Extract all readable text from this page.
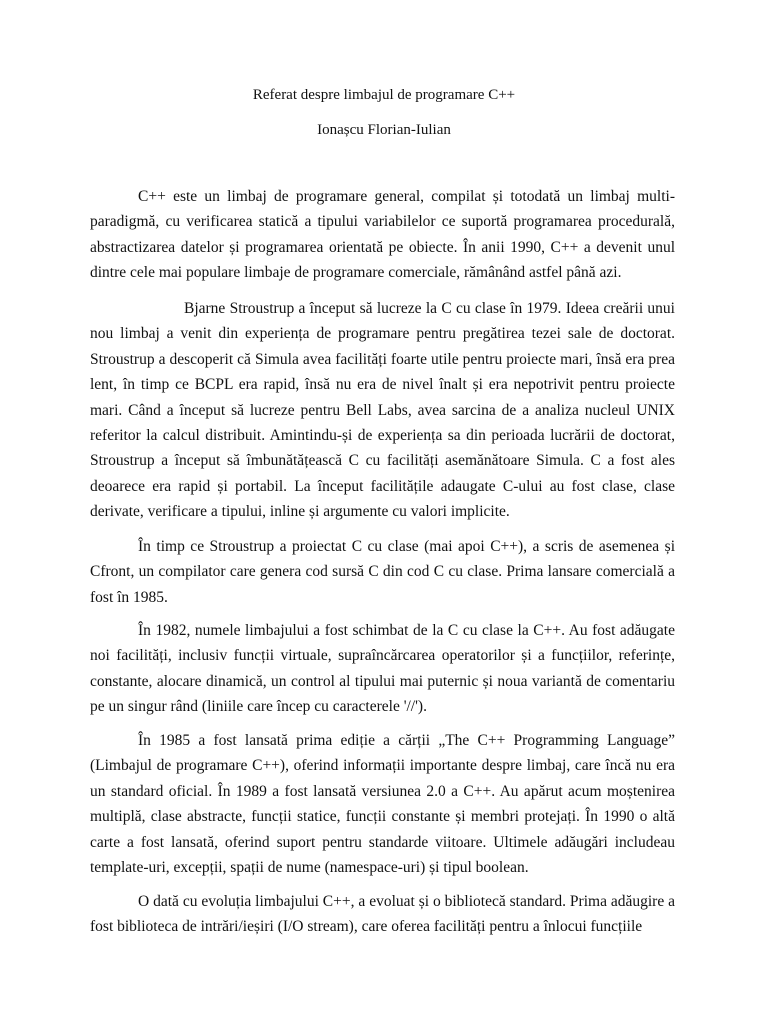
Referat despre limbajul de programare C++
Ionașcu Florian-Iulian

C++ este un limbaj de programare general, compilat și totodată un limbaj multi-paradigmă, cu verificarea statică a tipului variabilelor ce suportă programarea procedurală, abstractizarea datelor și programarea orientată pe obiecte. În anii 1990, C++ a devenit unul dintre cele mai populare limbaje de programare comerciale, rămânând astfel până azi.

Bjarne Stroustrup a început să lucreze la C cu clase în 1979. Ideea creării unui nou limbaj a venit din experiența de programare pentru pregătirea tezei sale de doctorat. Stroustrup a descoperit că Simula avea facilități foarte utile pentru proiecte mari, însă era prea lent, în timp ce BCPL era rapid, însă nu era de nivel înalt și era nepotrivit pentru proiecte mari. Când a început să lucreze pentru Bell Labs, avea sarcina de a analiza nucleul UNIX referitor la calcul distribuit. Amintindu-și de experiența sa din perioada lucrării de doctorat, Stroustrup a început să îmbunătățească C cu facilități asemănătoare Simula. C a fost ales deoarece era rapid și portabil. La început facilitățile adaugate C-ului au fost clase, clase derivate, verificare a tipului, inline și argumente cu valori implicite.

În timp ce Stroustrup a proiectat C cu clase (mai apoi C++), a scris de asemenea și Cfront, un compilator care genera cod sursă C din cod C cu clase. Prima lansare comercială a fost în 1985.

În 1982, numele limbajului a fost schimbat de la C cu clase la C++. Au fost adăugate noi facilități, inclusiv funcții virtuale, supraîncărcarea operatorilor și a funcțiilor, referințe, constante, alocare dinamică, un control al tipului mai puternic și noua variantă de comentariu pe un singur rând (liniile care încep cu caracterele '//').

În 1985 a fost lansată prima ediție a cărții „The C++ Programming Language” (Limbajul de programare C++), oferind informații importante despre limbaj, care încă nu era un standard oficial. În 1989 a fost lansată versiunea 2.0 a C++. Au apărut acum moștenirea multiplă, clase abstracte, funcții statice, funcții constante și membri protejați. În 1990 o altă carte a fost lansată, oferind suport pentru standarde viitoare. Ultimele adăugări includeau template-uri, excepții, spații de nume (namespace-uri) și tipul boolean.

O dată cu evoluția limbajului C++, a evoluat și o bibliotecă standard. Prima adăugire a fost biblioteca de intrări/ieșiri (I/O stream), care oferea facilități pentru a înlocui funcțiile
